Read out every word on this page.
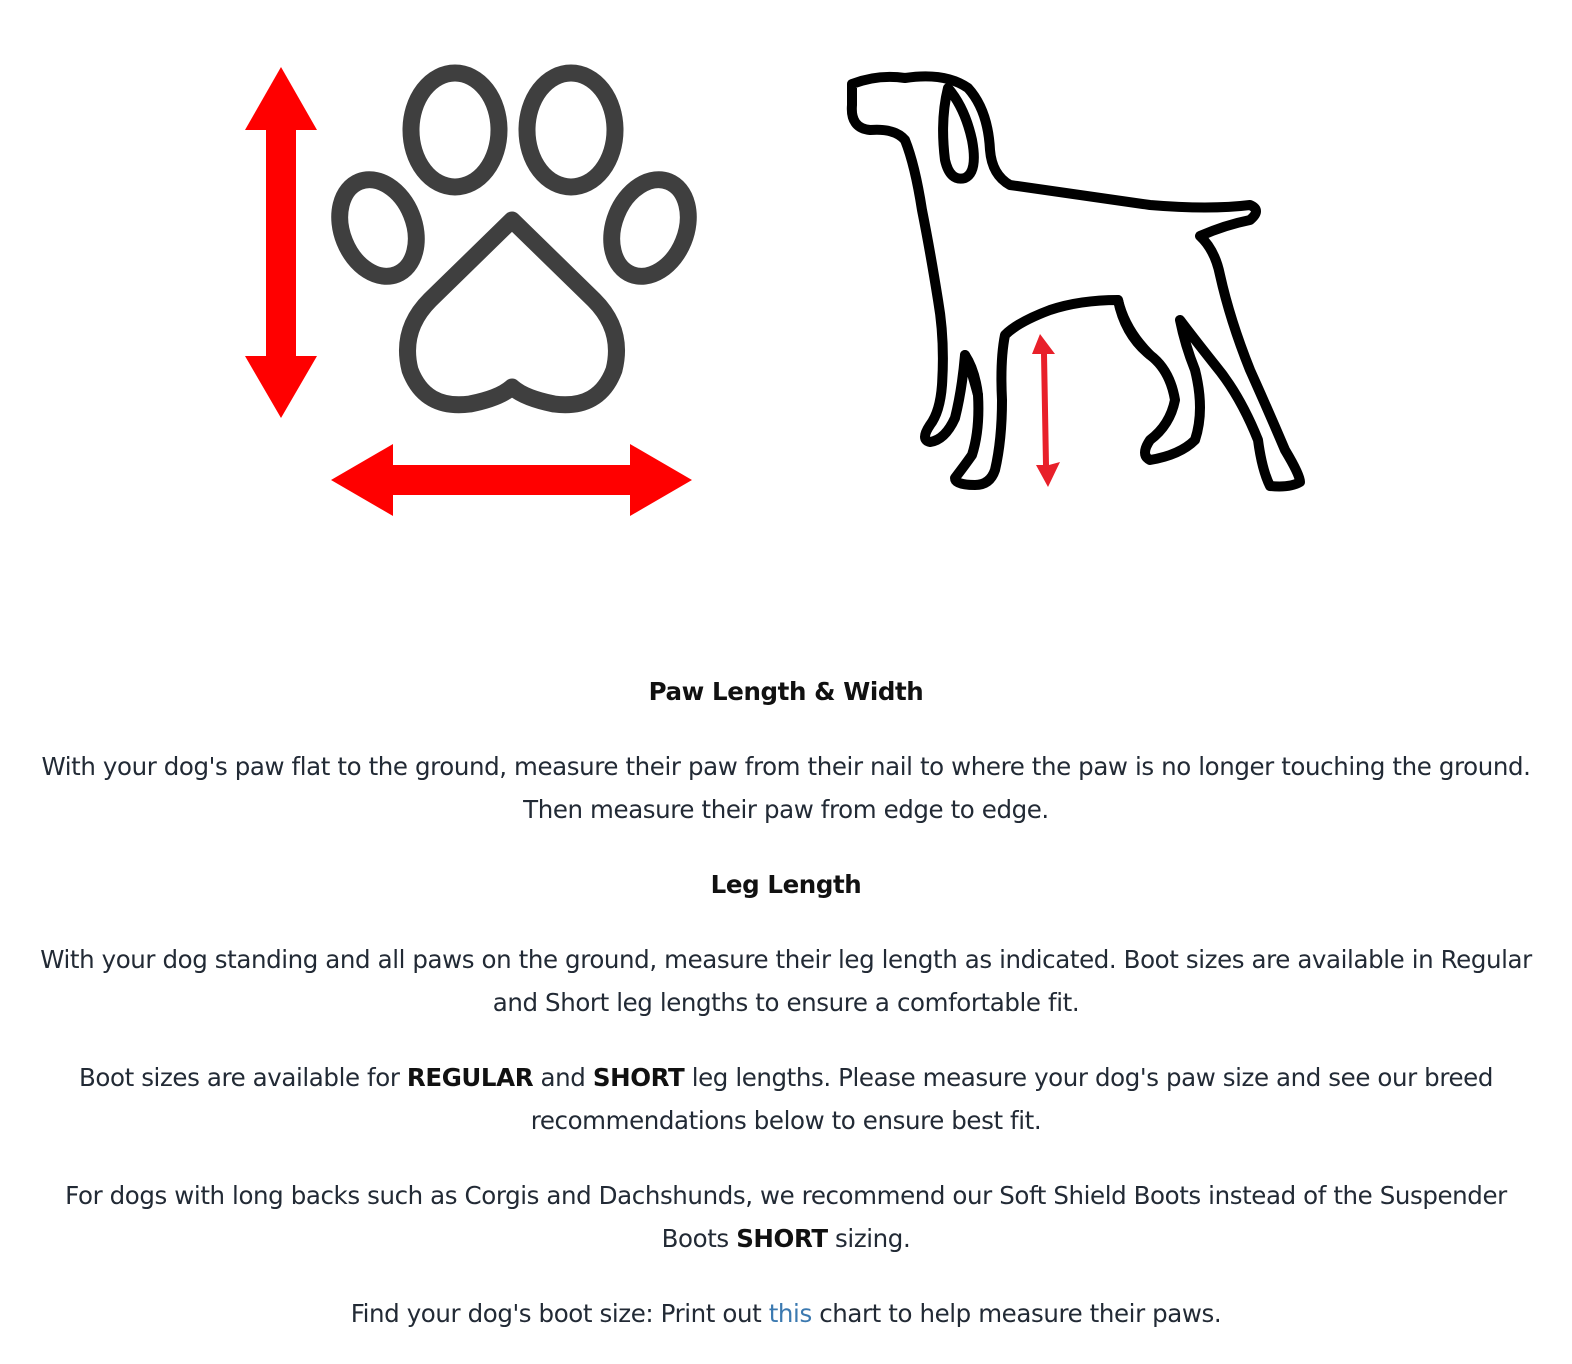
Paw Length & Width

With your dog's paw flat to the ground, measure their paw from their nail to where the paw is no longer touching the ground.

Then measure their paw from edge to edge.

Leg Length

With your dog standing and all paws on the ground, measure their leg length as indicated. Boot sizes are available in Regular

and Short leg lengths to ensure a comfortable fit.

Boot sizes are available for REGULAR and SHORT leg lengths. Please measure your dog's paw size and see our breed

recommendations below to ensure best fit.

For dogs with long backs such as Corgis and Dachshunds, we recommend our Soft Shield Boots instead of the Suspender

Boots SHORT sizing.

Find your dog's boot size: Print out this chart to help measure their paws.
